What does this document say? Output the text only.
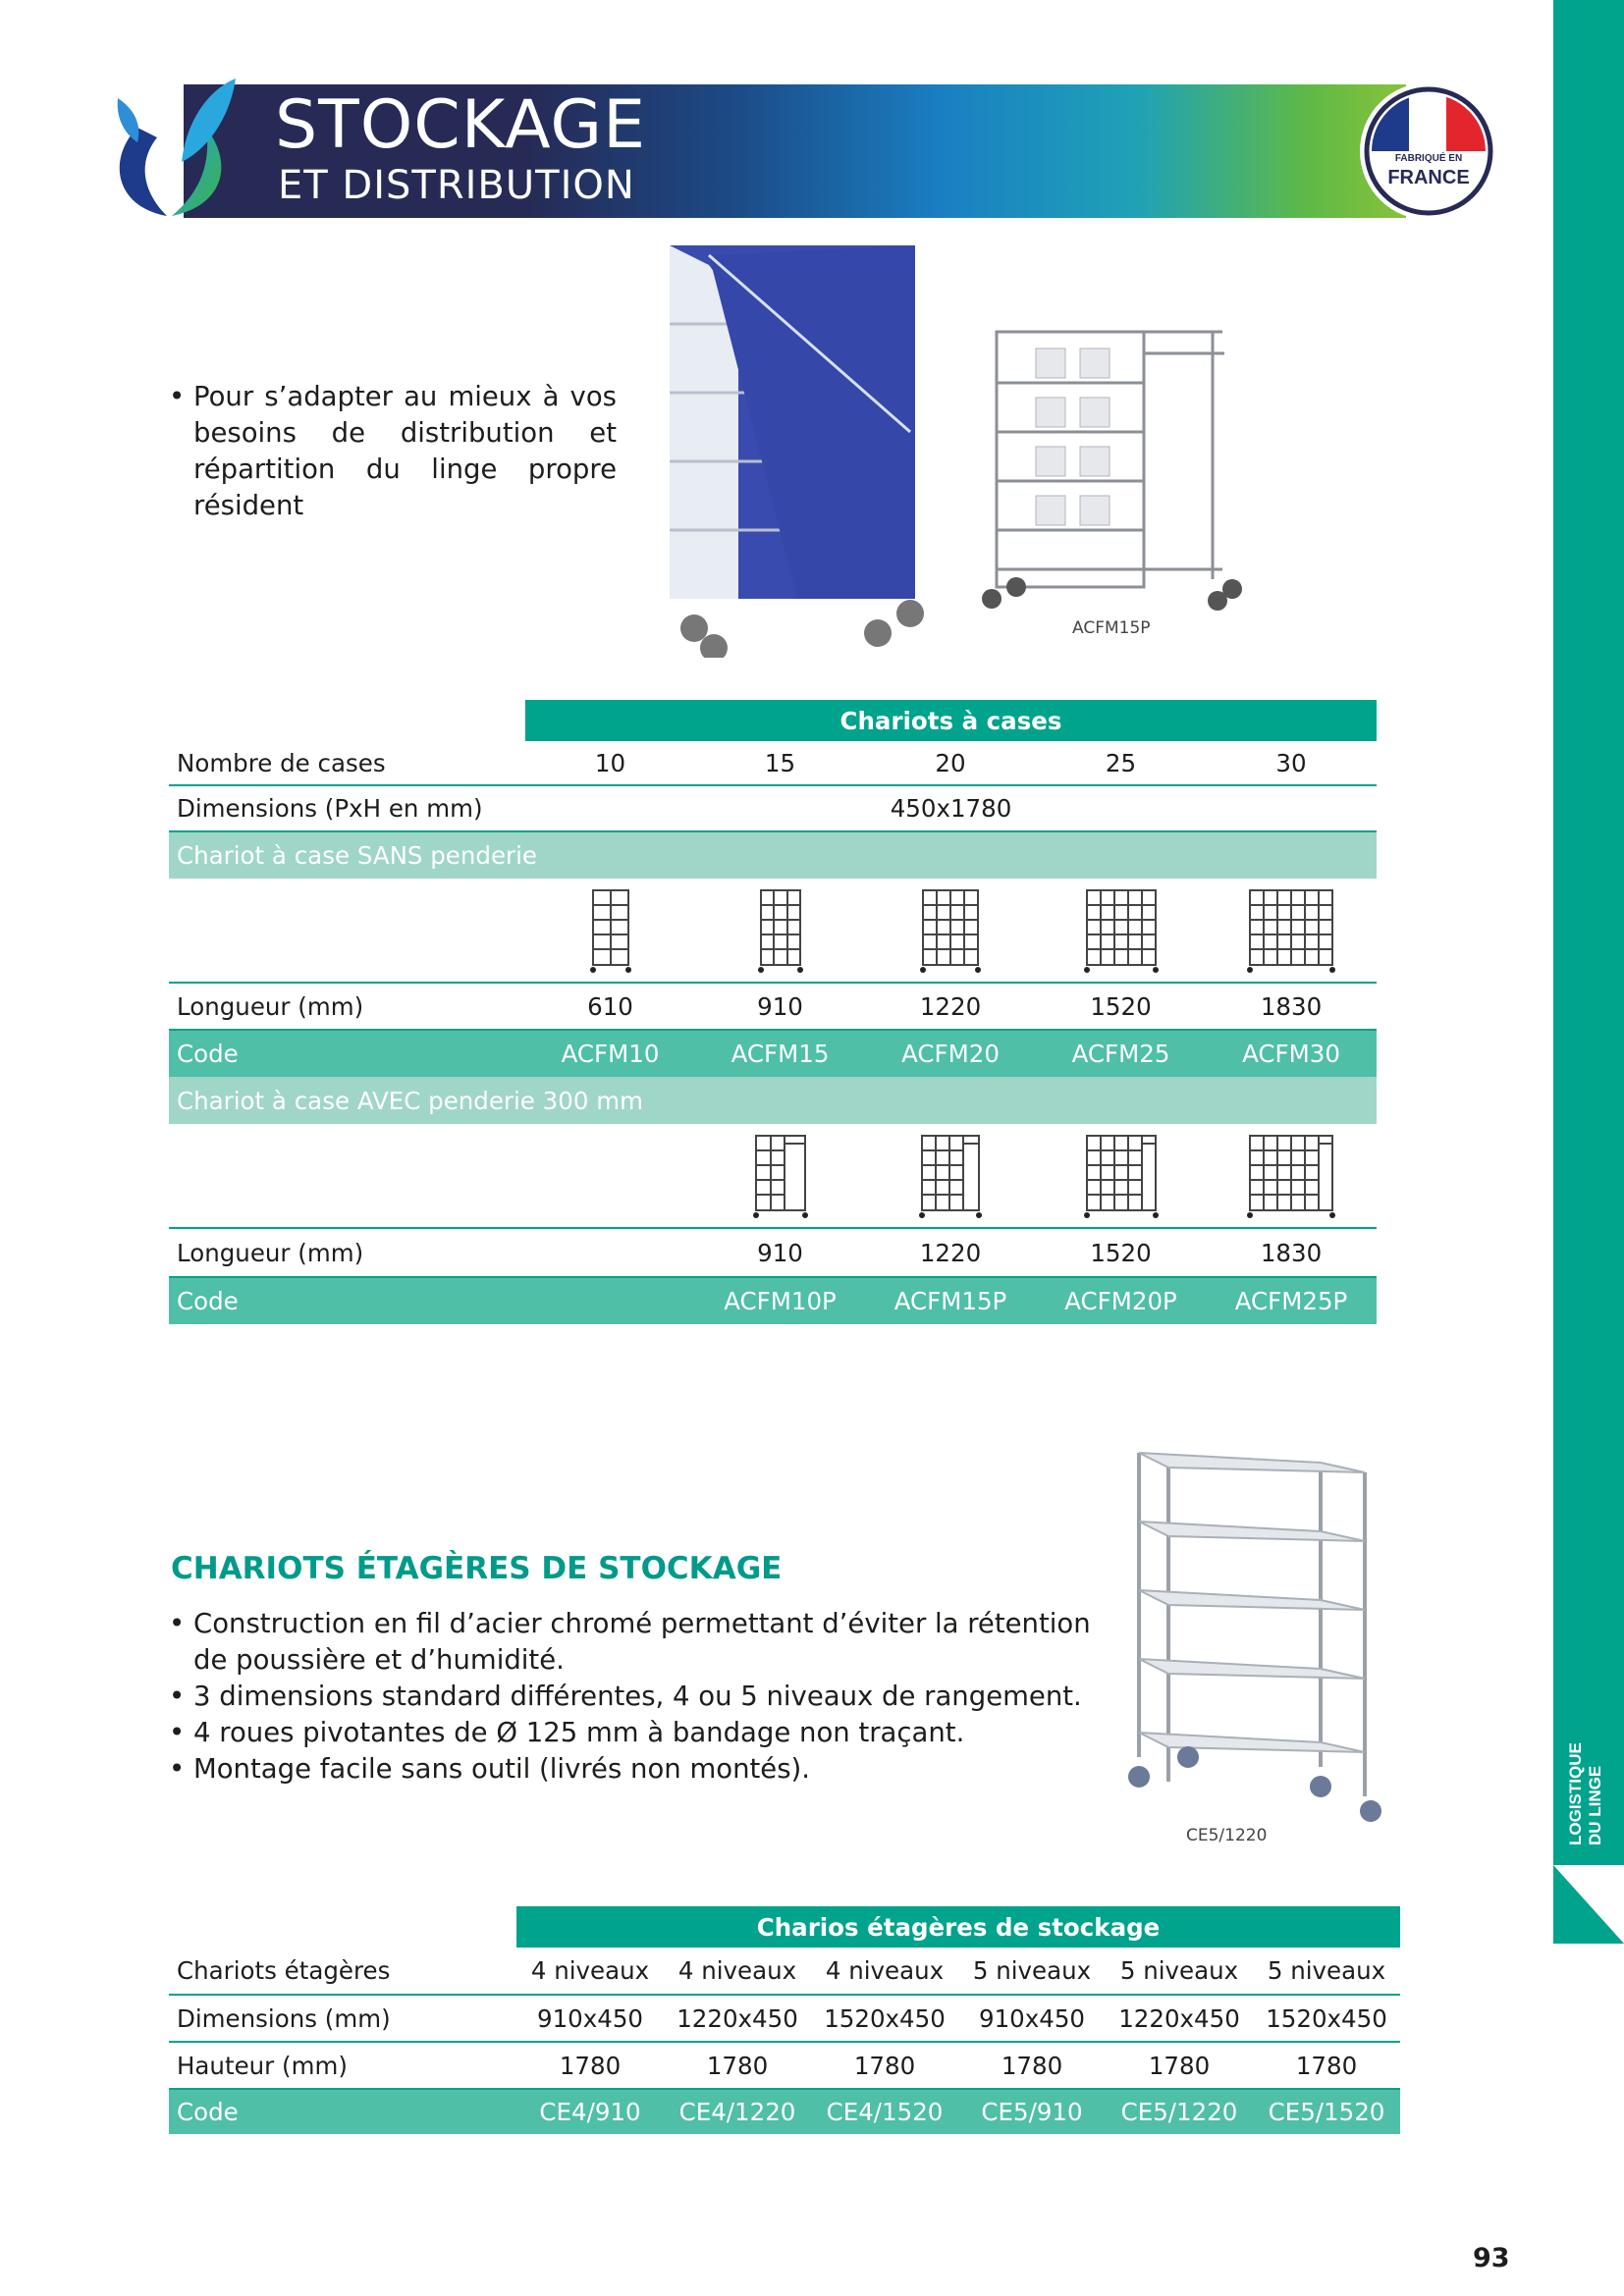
STOCKAGE
ET DISTRIBUTION
FABRIQUÉ EN
FRANCE
LOGISTIQUE DU LINGE
• Pour s’adapter au mieux à vos besoins de distribution et répartition du linge propre résident
ACFM15P
	Chariots à cases				
Nombre de cases	10	15	20	25	30
Dimensions (PxH en mm)	450x1780				
Chariot à case SANS penderie					

Longueur (mm)	610	910	1220	1520	1830
Code	ACFM10	ACFM15	ACFM20	ACFM25	ACFM30
Chariot à case AVEC penderie 300 mm					

Longueur (mm)		910	1220	1520	1830
Code		ACFM10P	ACFM15P	ACFM20P	ACFM25P
CHARIOTS ÉTAGÈRES DE STOCKAGE
• Construction en fil d’acier chromé permettant d’éviter la rétention de poussière et d’humidité.
• 3 dimensions standard différentes, 4 ou 5 niveaux de rangement.
• 4 roues pivotantes de Ø 125 mm à bandage non traçant.
• Montage facile sans outil (livrés non montés).
CE5/1220
	Charios étagères de stockage					
Chariots étagères	4 niveaux	4 niveaux	4 niveaux	5 niveaux	5 niveaux	5 niveaux
Dimensions (mm)	910x450	1220x450	1520x450	910x450	1220x450	1520x450
Hauteur (mm)	1780	1780	1780	1780	1780	1780
Code	CE4/910	CE4/1220	CE4/1520	CE5/910	CE5/1220	CE5/1520
93
